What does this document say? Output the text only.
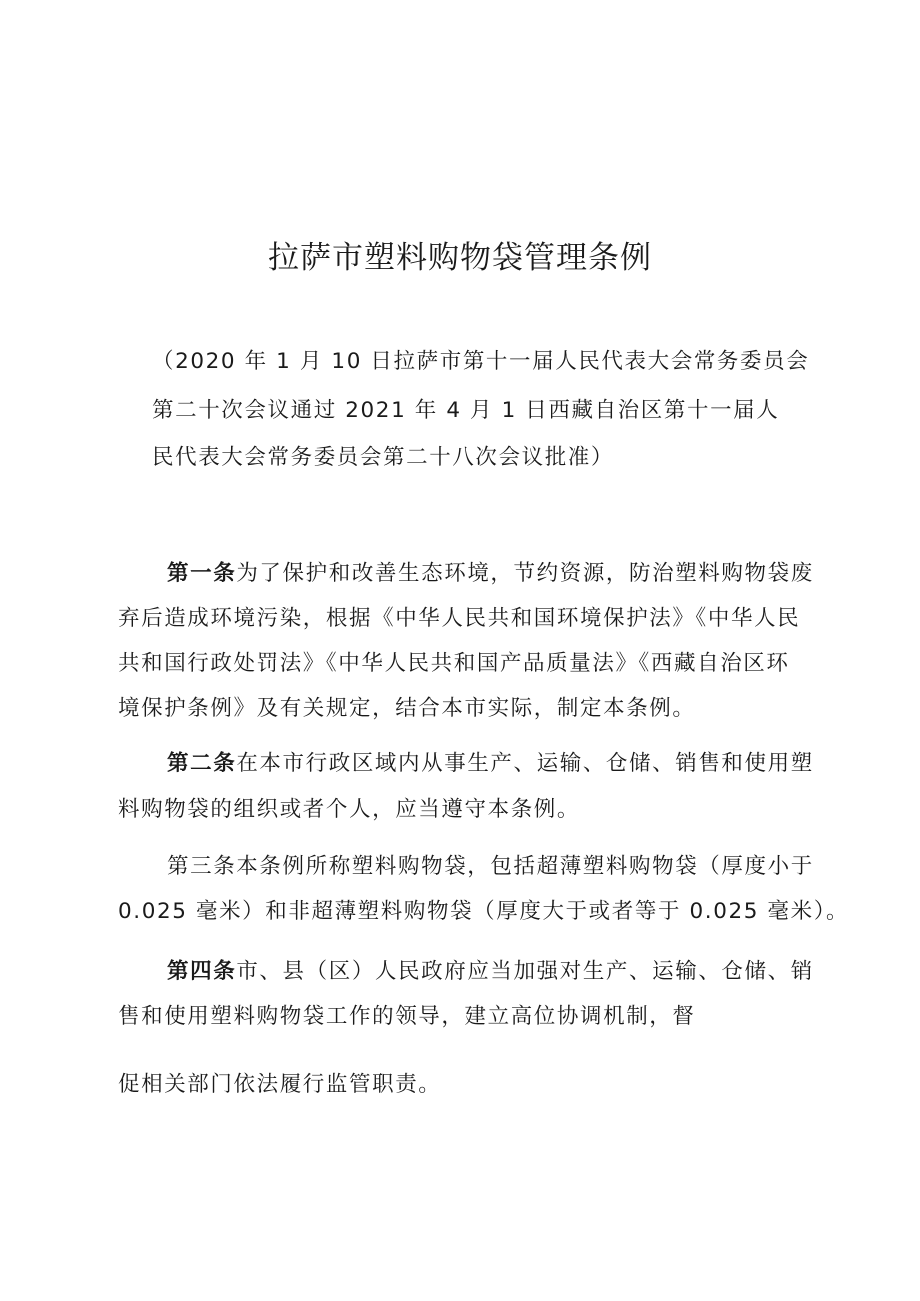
拉萨市塑料购物袋管理条例
（2020 年 1 月 10 日拉萨市第十一届人民代表大会常务委员会
第二十次会议通过 2021 年 4 月 1 日西藏自治区第十一届人
民代表大会常务委员会第二十八次会议批准）
第一条为了保护和改善生态环境，节约资源，防治塑料购物袋废
弃后造成环境污染，根据《中华人民共和国环境保护法》《中华人民
共和国行政处罚法》《中华人民共和国产品质量法》《西藏自治区环
境保护条例》及有关规定，结合本市实际，制定本条例。
第二条在本市行政区域内从事生产、运输、仓储、销售和使用塑
料购物袋的组织或者个人，应当遵守本条例。
第三条本条例所称塑料购物袋，包括超薄塑料购物袋（厚度小于
0.025 毫米）和非超薄塑料购物袋（厚度大于或者等于 0.025 毫米）。
第四条市、县（区）人民政府应当加强对生产、运输、仓储、销
售和使用塑料购物袋工作的领导，建立高位协调机制，督
促相关部门依法履行监管职责。
